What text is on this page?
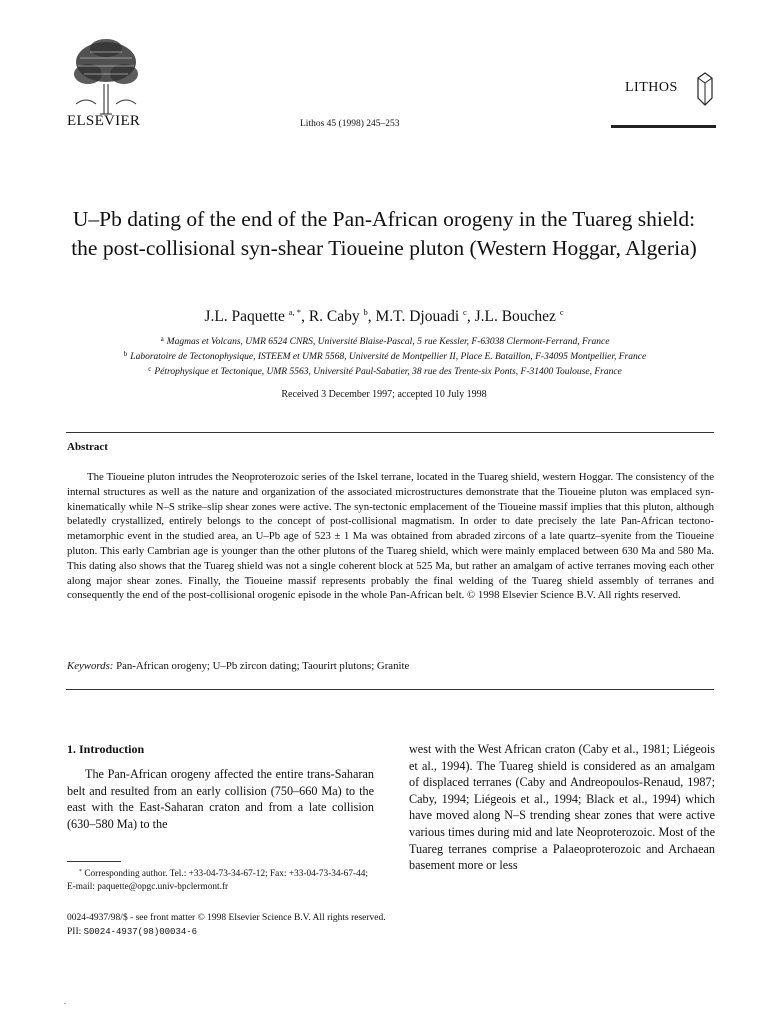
ELSEVIER	Lithos 45 (1998) 245–253
LITHOS
U–Pb dating of the end of the Pan-African orogeny in the Tuareg shield: the post-collisional syn-shear Tioueine pluton (Western Hoggar, Algeria)
J.L. Paquette $^{a, *}$, R. Caby $^b$, M.T. Djouadi $^c$, J.L. Bouchez $^c$
$^a$ Magmas et Volcans, UMR 6524 CNRS, Université Blaise-Pascal, 5 rue Kessler, F-63038 Clermont-Ferrand, France
$^b$ Laboratoire de Tectonophysique, ISTEEM et UMR 5568, Université de Montpellier II, Place E. Bataillon, F-34095 Montpellier, France
$^c$ Pétrophysique et Tectonique, UMR 5563, Université Paul-Sabatier, 38 rue des Trente-six Ponts, F-31400 Toulouse, France
Received 3 December 1997; accepted 10 July 1998
Abstract
The Tioueine pluton intrudes the Neoproterozoic series of the Iskel terrane, located in the Tuareg shield, western Hoggar. The consistency of the internal structures as well as the nature and organization of the associated microstructures demonstrate that the Tioueine pluton was emplaced syn-kinematically while N–S strike–slip shear zones were active. The syn-tectonic emplacement of the Tioueine massif implies that this pluton, although belatedly crystallized, entirely belongs to the concept of post-collisional magmatism. In order to date precisely the late Pan-African tectono-metamorphic event in the studied area, an U–Pb age of 523 ± 1 Ma was obtained from abraded zircons of a late quartz–syenite from the Tioueine pluton. This early Cambrian age is younger than the other plutons of the Tuareg shield, which were mainly emplaced between 630 Ma and 580 Ma. This dating also shows that the Tuareg shield was not a single coherent block at 525 Ma, but rather an amalgam of active terranes moving each other along major shear zones. Finally, the Tioueine massif represents probably the final welding of the Tuareg shield assembly of terranes and consequently the end of the post-collisional orogenic episode in the whole Pan-African belt. © 1998 Elsevier Science B.V. All rights reserved.
Keywords: Pan-African orogeny; U–Pb zircon dating; Taourirt plutons; Granite
1. Introduction
The Pan-African orogeny affected the entire trans-Saharan belt and resulted from an early collision (750–660 Ma) to the east with the East-Saharan craton and from a late collision (630–580 Ma) to the
west with the West African craton (Caby et al., 1981; Liégeois et al., 1994). The Tuareg shield is considered as an amalgam of displaced terranes (Caby and Andreopoulos-Renaud, 1987; Caby, 1994; Liégeois et al., 1994; Black et al., 1994) which have moved along N–S trending shear zones that were active various times during mid and late Neoproterozoic. Most of the Tuareg terranes comprise a Palaeoproterozoic and Archaean basement more or less
* Corresponding author. Tel.: +33-04-73-34-67-12; Fax: +33-04-73-34-67-44; E-mail: paquette@opgc.univ-bpclermont.fr
0024-4937/98/$ - see front matter © 1998 Elsevier Science B.V. All rights reserved.
PII: S0024-4937(98)00034-6
.
